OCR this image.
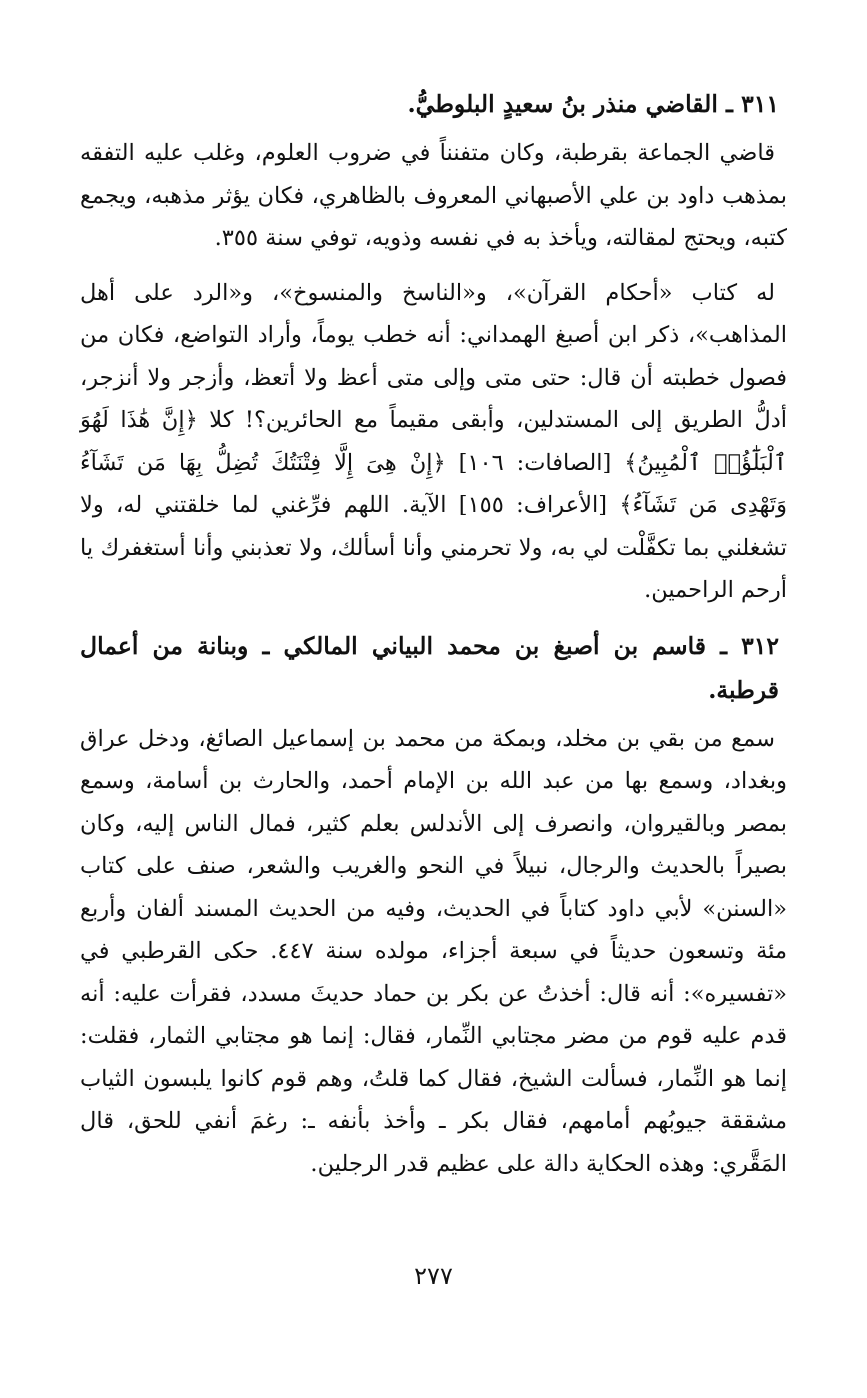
٣١١ ـ القاضي منذر بنُ سعيدٍ البلوطيُّ.

قاضي الجماعة بقرطبة، وكان متفنناً في ضروب العلوم، وغلب عليه التفقه بمذهب داود بن علي الأصبهاني المعروف بالظاهري، فكان يؤثر مذهبه، ويجمع كتبه، ويحتج لمقالته، ويأخذ به في نفسه وذويه، توفي سنة ٣٥٥.

له كتاب «أحكام القرآن»، و«الناسخ والمنسوخ»، و«الرد على أهل المذاهب»، ذكر ابن أصبغ الهمداني: أنه خطب يوماً، وأراد التواضع، فكان من فصول خطبته أن قال: حتى متى وإلى متى أعظ ولا أتعظ، وأزجر ولا أنزجر، أدلُّ الطريق إلى المستدلين، وأبقى مقيماً مع الحائرين؟! كلا ﴿إِنَّ هَٰذَا لَهُوَ ٱلْبَلَٰٓؤُا۟ ٱلْمُبِينُ﴾ [الصافات: ١٠٦] ﴿إِنْ هِىَ إِلَّا فِتْنَتُكَ تُضِلُّ بِهَا مَن تَشَآءُ وَتَهْدِى مَن تَشَآءُ﴾ [الأعراف: ١٥٥] الآية. اللهم فرِّغني لما خلقتني له، ولا تشغلني بما تكفَّلْت لي به، ولا تحرمني وأنا أسألك، ولا تعذبني وأنا أستغفرك يا أرحم الراحمين.

٣١٢ ـ قاسم بن أصبغ بن محمد البياني المالكي ـ وبنانة من أعمال قرطبة.

سمع من بقي بن مخلد، وبمكة من محمد بن إسماعيل الصائغ، ودخل عراق وبغداد، وسمع بها من عبد الله بن الإمام أحمد، والحارث بن أسامة، وسمع بمصر وبالقيروان، وانصرف إلى الأندلس بعلم كثير، فمال الناس إليه، وكان بصيراً بالحديث والرجال، نبيلاً في النحو والغريب والشعر، صنف على كتاب «السنن» لأبي داود كتاباً في الحديث، وفيه من الحديث المسند ألفان وأربع مئة وتسعون حديثاً في سبعة أجزاء، مولده سنة ٤٤٧. حكى القرطبي في «تفسيره»: أنه قال: أخذتُ عن بكر بن حماد حديثَ مسدد، فقرأت عليه: أنه قدم عليه قوم من مضر مجتابي النِّمار، فقال: إنما هو مجتابي الثمار، فقلت: إنما هو النِّمار، فسألت الشيخ، فقال كما قلتُ، وهم قوم كانوا يلبسون الثياب مشققة جيوبُهم أمامهم، فقال بكر ـ وأخذ بأنفه ـ: رغمَ أنفي للحق، قال المَقَّري: وهذه الحكاية دالة على عظيم قدر الرجلين.

٢٧٧
